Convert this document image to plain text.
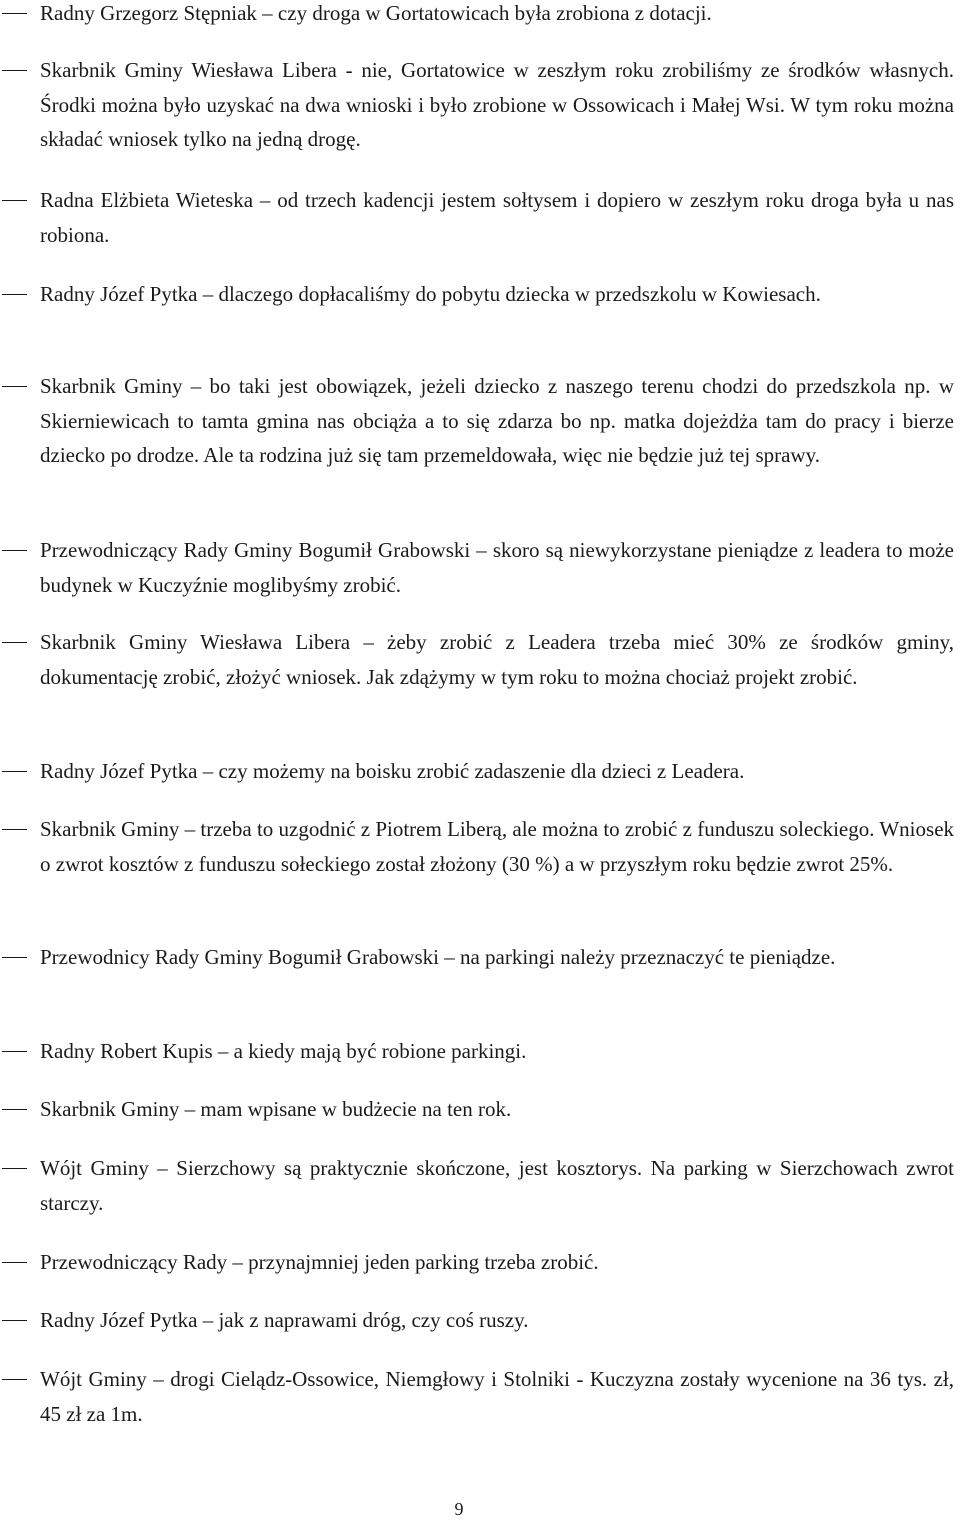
Radny Grzegorz Stępniak – czy droga w Gortatowicach była zrobiona z dotacji.
Skarbnik Gminy Wiesława Libera - nie, Gortatowice w zeszłym roku zrobiliśmy ze środków własnych. Środki można było uzyskać na dwa wnioski i było zrobione w Ossowicach i Małej Wsi. W tym roku można składać wniosek tylko na jedną drogę.
Radna Elżbieta Wieteska – od trzech kadencji jestem sołtysem i dopiero w zeszłym roku droga była u nas robiona.
Radny Józef Pytka – dlaczego dopłacaliśmy do pobytu dziecka w przedszkolu w Kowiesach.
Skarbnik Gminy – bo taki jest obowiązek, jeżeli dziecko z naszego terenu chodzi do przedszkola np. w Skierniewicach to tamta gmina nas obciąża a to się zdarza bo np. matka dojeżdża tam do pracy i bierze dziecko po drodze. Ale ta rodzina już się tam przemeldowała, więc nie będzie już tej sprawy.
Przewodniczący Rady Gminy Bogumił Grabowski – skoro są niewykorzystane pieniądze z leadera to może budynek w Kuczyźnie moglibyśmy zrobić.
Skarbnik Gminy Wiesława Libera – żeby zrobić z Leadera trzeba mieć 30% ze środków gminy, dokumentację zrobić, złożyć wniosek. Jak zdążymy w tym roku to można chociaż projekt zrobić.
Radny Józef Pytka – czy możemy na boisku zrobić zadaszenie dla dzieci z Leadera.
Skarbnik Gminy – trzeba to uzgodnić z Piotrem Liberą, ale można to zrobić z funduszu soleckiego. Wniosek o zwrot kosztów z funduszu sołeckiego został złożony (30 %) a w przyszłym roku będzie zwrot 25%.
Przewodnicy Rady Gminy Bogumił Grabowski – na parkingi należy przeznaczyć te pieniądze.
Radny Robert Kupis – a kiedy mają być robione parkingi.
Skarbnik Gminy – mam wpisane w budżecie na ten rok.
Wójt Gminy – Sierzchowy są praktycznie skończone, jest kosztorys. Na parking w Sierzchowach zwrot starczy.
Przewodniczący Rady – przynajmniej jeden parking trzeba zrobić.
Radny Józef Pytka – jak z naprawami dróg, czy coś ruszy.
Wójt Gminy – drogi Cielądz-Ossowice, Niemgłowy i Stolniki - Kuczyzna zostały wycenione na 36 tys. zł, 45 zł za 1m.
9
